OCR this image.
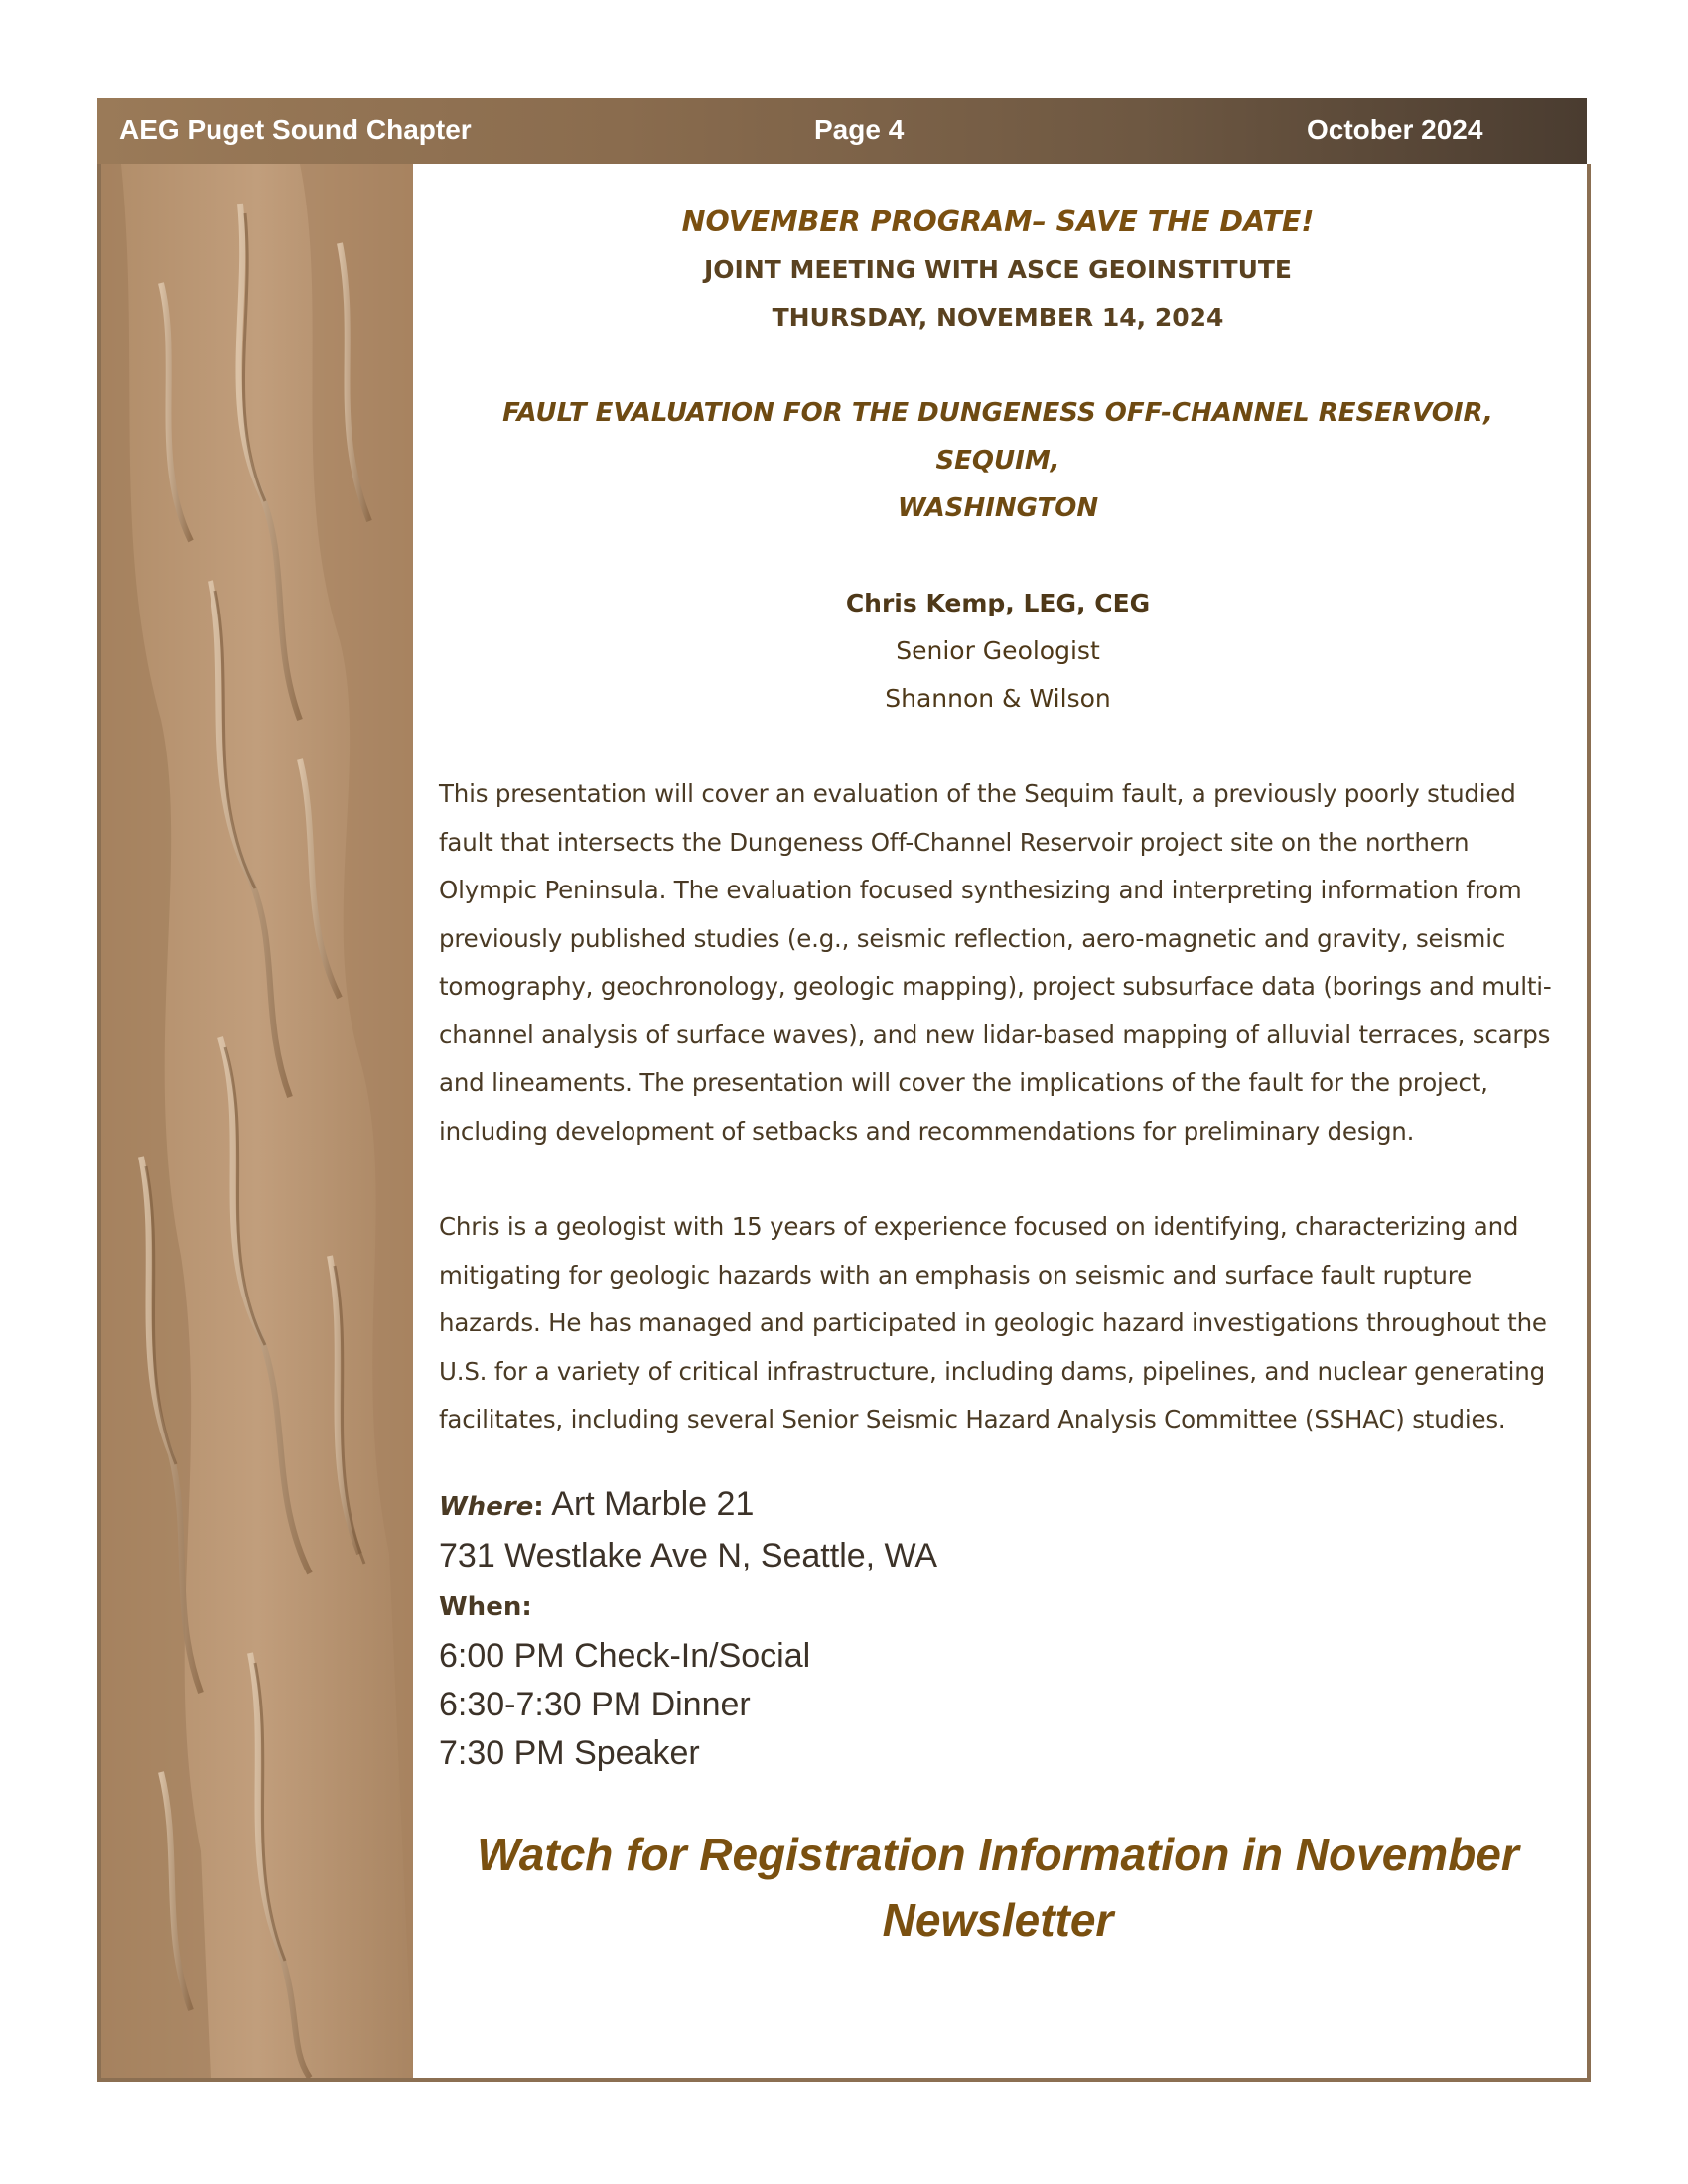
AEG Puget Sound Chapter	Page 4	October 2024
NOVEMBER PROGRAM– SAVE THE DATE!
JOINT MEETING WITH ASCE GEOINSTITUTE
THURSDAY, NOVEMBER 14, 2024
FAULT EVALUATION FOR THE DUNGENESS OFF-CHANNEL RESERVOIR, SEQUIM,
WASHINGTON
Chris Kemp, LEG, CEG
Senior Geologist
Shannon & Wilson
This presentation will cover an evaluation of the Sequim fault, a previously poorly studied fault that intersects the Dungeness Off-Channel Reservoir project site on the northern Olympic Peninsula. The evaluation focused synthesizing and interpreting information from previously published studies (e.g., seismic reflection, aero-magnetic and gravity, seismic tomography, geochronology, geologic mapping), project subsurface data (borings and multi-channel analysis of surface waves), and new lidar-based mapping of alluvial terraces, scarps and lineaments. The presentation will cover the implications of the fault for the project, including development of setbacks and recommendations for preliminary design.
Chris is a geologist with 15 years of experience focused on identifying, characterizing and mitigating for geologic hazards with an emphasis on seismic and surface fault rupture hazards. He has managed and participated in geologic hazard investigations throughout the U.S. for a variety of critical infrastructure, including dams, pipelines, and nuclear generating facilitates, including several Senior Seismic Hazard Analysis Committee (SSHAC) studies.
Where: Art Marble 21
731 Westlake Ave N, Seattle, WA
When:
6:00 PM Check-In/Social
6:30-7:30 PM Dinner
7:30 PM Speaker
Watch for Registration Information in November
Newsletter
